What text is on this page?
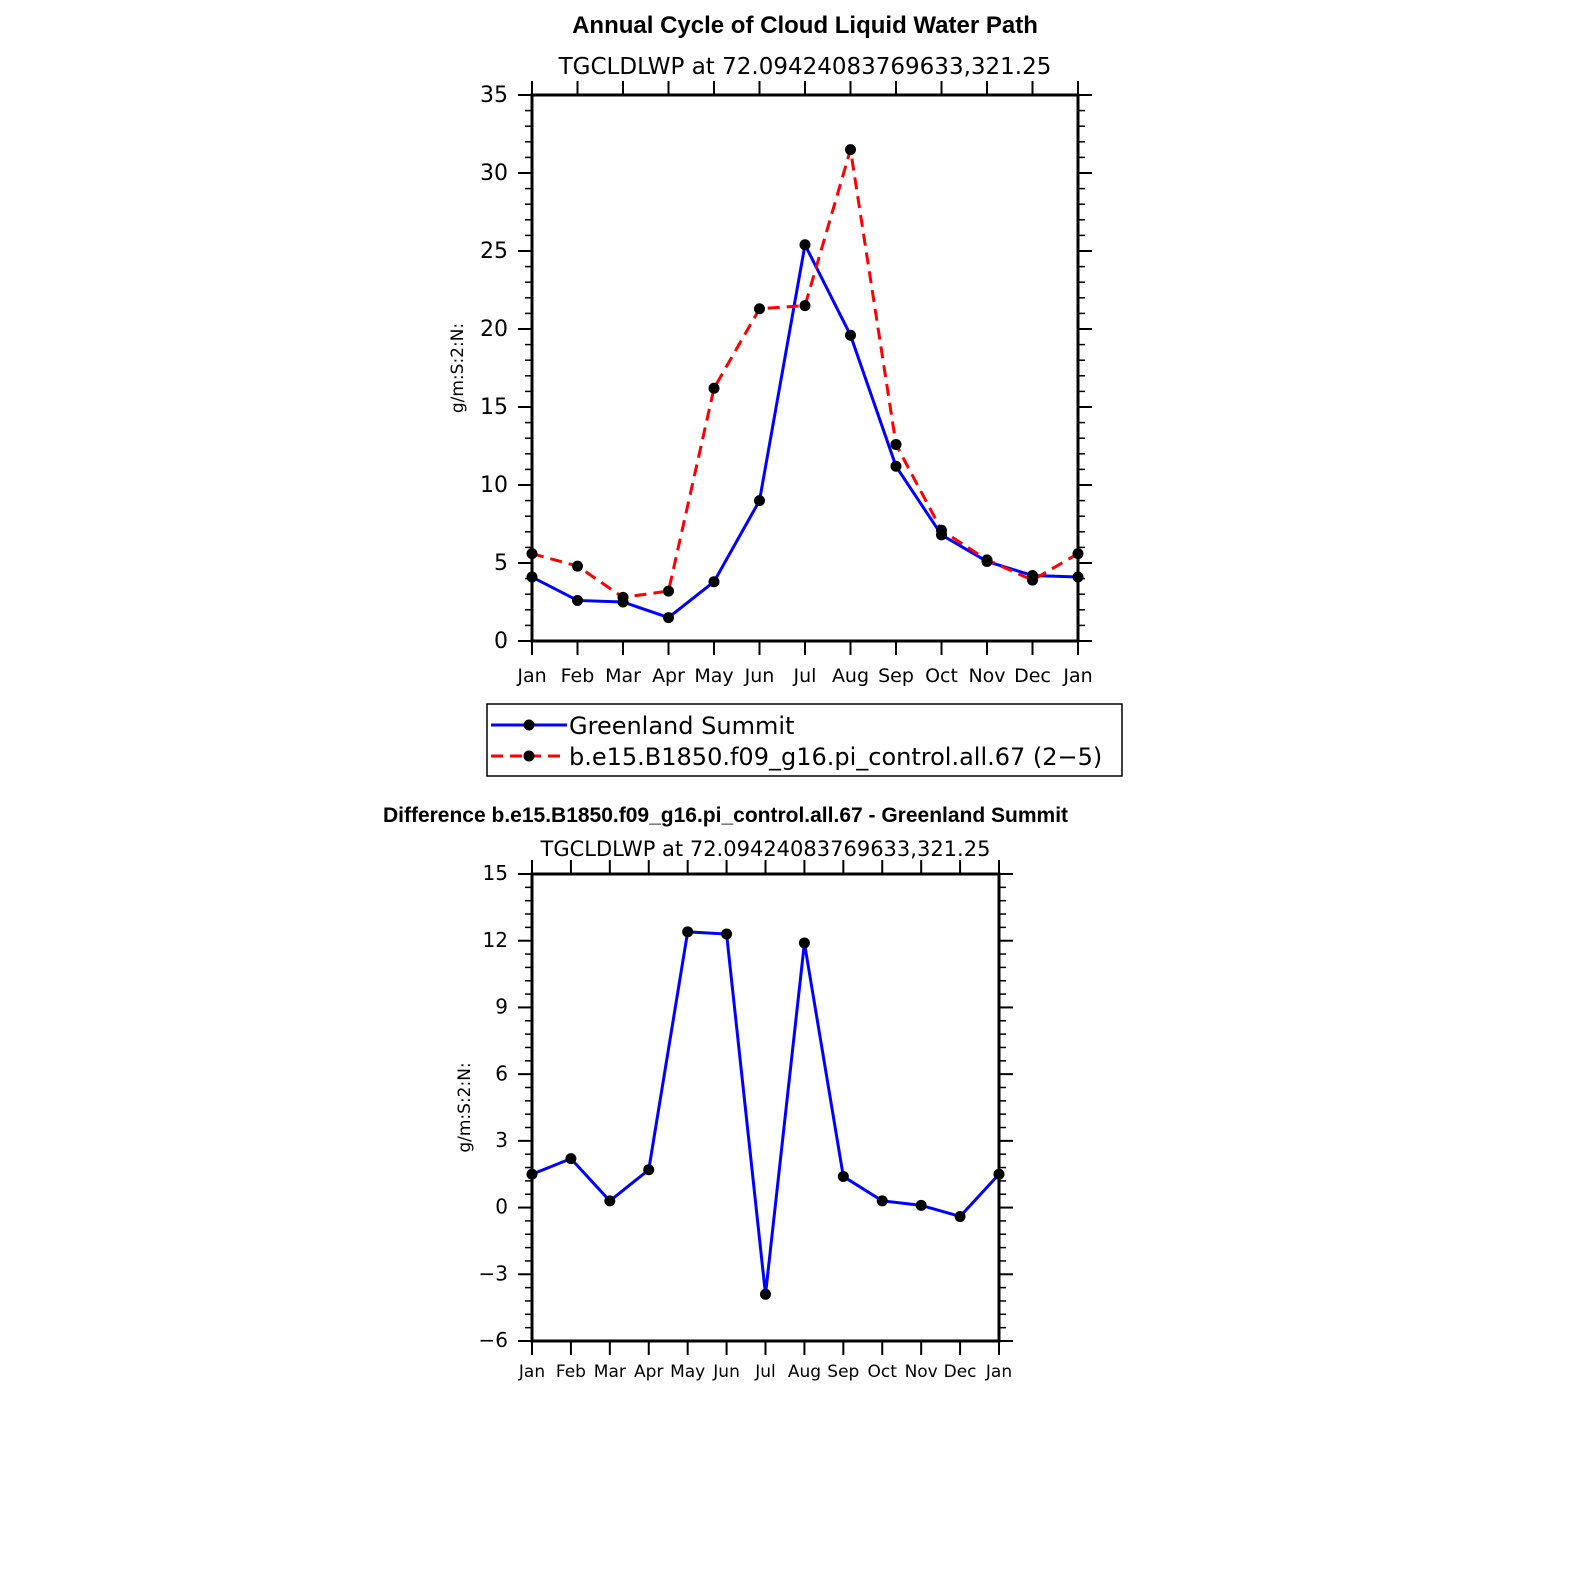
Annual Cycle of Cloud Liquid Water Path
TGCLDLWP at 72.09424083769633,321.25
0
5
10
15
20
25
30
35
Jan Feb Mar Apr May Jun Jul Aug Sep Oct Nov Dec Jan
g/m:S:2:N:
Greenland Summit
b.e15.B1850.f09_g16.pi_control.all.67 (2−5)
Difference b.e15.B1850.f09_g16.pi_control.all.67 - Greenland Summit
TGCLDLWP at 72.09424083769633,321.25
−6
−3
0
3
6
9
12
15
Jan Feb Mar Apr May Jun Jul Aug Sep Oct Nov Dec Jan
g/m:S:2:N:
